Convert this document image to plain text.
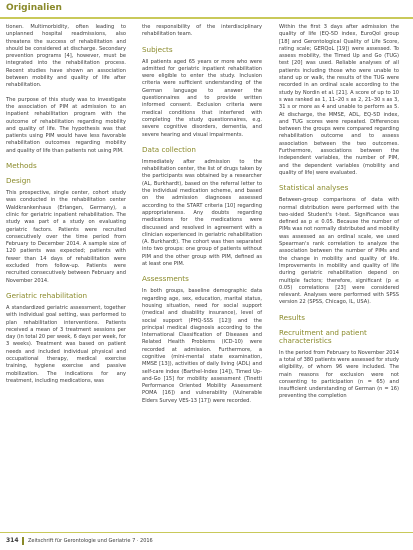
Originalien

tionen. Multimorbidity, often leading to unplanned hospital readmissions, also threatens the success of rehabilitation and should be considered at discharge. Secondary prevention programs [4], however, must be integrated into the rehabilitation process. Recent studies have shown an association between mobility and quality of life after rehabilitation.

The purpose of this study was to investigate the association of PIM at admission to an inpatient rehabilitation program with the outcome of rehabilitation regarding mobility and quality of life. The hypothesis was that patients using PIM would have less favorable rehabilitation outcomes regarding mobility and quality of life than patients not using PIM.

Methods
Design

This prospective, single center, cohort study was conducted in the rehabilitation center Waldkrankenhaus (Erlangen, Germany), a clinic for geriatric inpatient rehabilitation. The study was part of a study on evaluating geriatric factors. Patients were recruited consecutively over the time period from February to December 2014. A sample size of 120 patients was expected; patients with fewer than 14 days of rehabilitation were excluded from follow-up. Patients were recruited consecutively between February and November 2014.

Geriatric rehabilitation

A standardized geriatric assessment, together with individual goal setting, was performed to plan rehabilitation interventions. Patients received a mean of 3 treatment sessions per day (in total 20 per week, 6 days per week, for 3 weeks). Treatment was based on patient needs and included individual physical and occupational therapy, medical exercise training, hygiene exercise and passive mobilization. The indications for any treatment, including medications, was

the responsibility of the interdisciplinary rehabilitation team.

Subjects

All patients aged 65 years or more who were admitted for geriatric inpatient rehabilitation were eligible to enter the study. Inclusion criteria were sufficient understanding of the German language to answer the questionnaires and to provide written informed consent. Exclusion criteria were medical conditions that interfered with completing the study questionnaires, e.g. severe cognitive disorders, dementia, and severe hearing and visual impairments.

Data collection

Immediately after admission to the rehabilitation center, the list of drugs taken by the participants was obtained by a researcher (AL, Burkhardt), based on the referral letter to the individual medication scheme, and based on the admission diagnoses assessed according to the START criteria [10] regarding appropriateness. Any doubts regarding medications for the medications were discussed and resolved in agreement with a clinician experienced in geriatric rehabilitation (A. Burkhardt). The cohort was then separated into two groups: one group of patients without PIM and the other group with PIM, defined as at least one PIM.

Assessments

In both groups, baseline demographic data regarding age, sex, education, marital status, housing situation, need for social support (medical and disability insurance), level of social support (PHQ-SSS [12]) and the principal medical diagnosis according to the International Classification of Diseases and Related Health Problems (ICD-10) were recorded at admission. Furthermore, a cognitive (mini-mental state examination, MMSE [13]), activities of daily living (ADL) and self-care index (Barthel-Index [14]), Timed Up-and-Go [15] for mobility assessment (Tinetti Performance Oriented Mobility Assessment POMA [16]) and vulnerability (Vulnerable Elders Survey VES-13 [17]) were recorded.

Within the first 3 days after admission the quality of life (EQ-5D index, EuroQol group [18] and Gerontological Quality of Life Score, rating scale; GERQoL [19]) were assessed. To assess mobility, the Timed Up and Go (TUG) test [20] was used. Reliable analyses of all patients including those who were unable to stand up or walk, the results of the TUG were recorded in an ordinal scale according to the study by Nordin et al. [21]. A score of up to 10 s was ranked as 1, 11–20 s as 2, 21–30 s as 3, 31 s or more as 4 and unable to perform as 5. At discharge, the MMSE, ADL, EQ-5D index, and TUG scores were repeated. Differences between the groups were compared regarding rehabilitation outcome and to assess association between the two outcomes. Furthermore, associations between the independent variables, the number of PIM, and the dependent variables (mobility and quality of life) were evaluated.

Statistical analyses

Between-group comparisons of data with normal distribution were performed with the two-sided Student's t-test. Significance was defined as p ≤ 0.05. Because the number of PIMs was not normally distributed and mobility was assessed as an ordinal scale, we used Spearman's rank correlation to analyze the association between the number of PIMs and the change in mobility and quality of life. Improvements in mobility and quality of life during geriatric rehabilitation depend on multiple factors; therefore, significant (p ≤ 0.05) correlations [23] were considered relevant. Analyses were performed with SPSS version 22 (SPSS, Chicago, IL, USA).

Results
Recruitment and patient characteristics

In the period from February to November 2014 a total of 380 patients were assessed for study eligibility, of whom 96 were included. The main reasons for exclusion were not consenting to participation (n = 65) and insufficient understanding of German (n = 16) preventing the completion

314 Zeitschrift für Gerontologie und Geriatrie 7 · 2016
